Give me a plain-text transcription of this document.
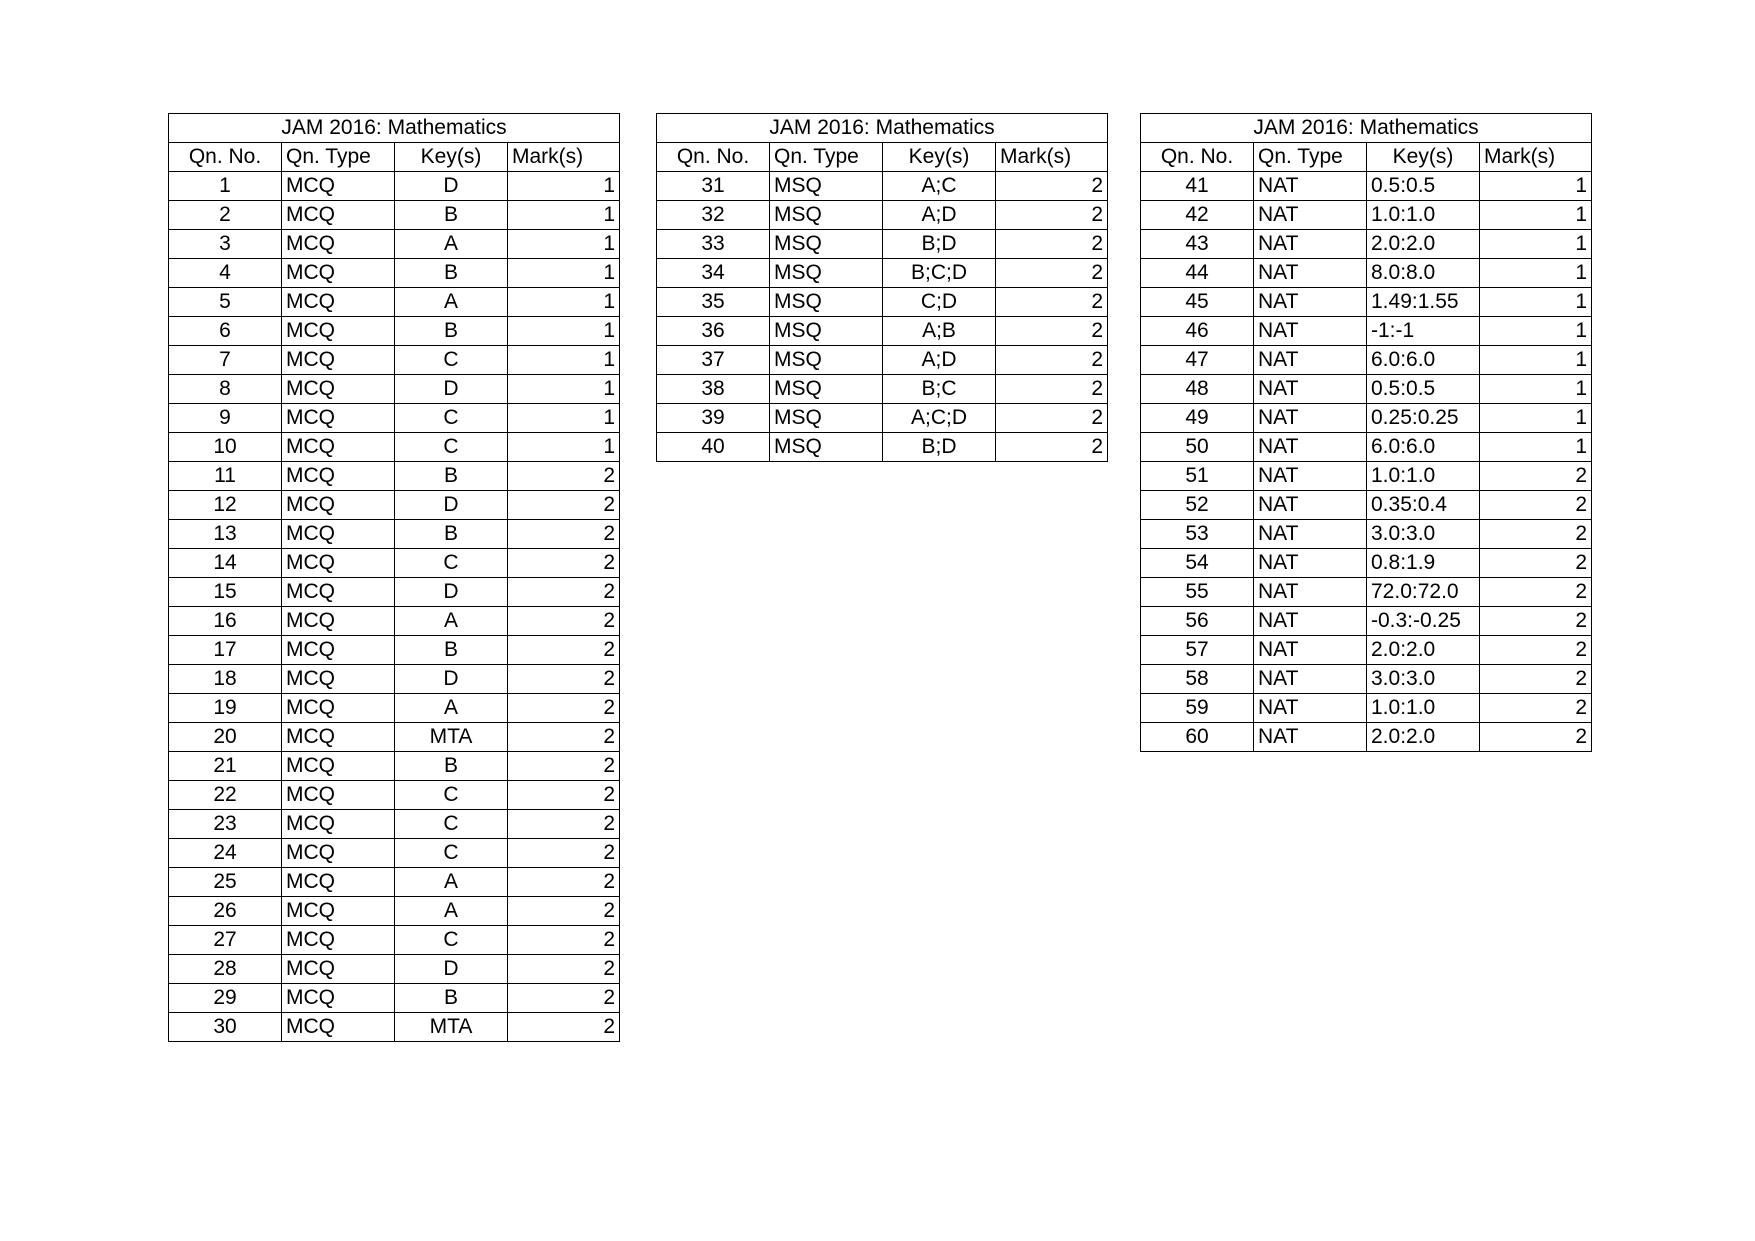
JAM 2016: Mathematics			
Qn. No.	Qn. Type	Key(s)	Mark(s)
1	MCQ	D	1
2	MCQ	B	1
3	MCQ	A	1
4	MCQ	B	1
5	MCQ	A	1
6	MCQ	B	1
7	MCQ	C	1
8	MCQ	D	1
9	MCQ	C	1
10	MCQ	C	1
11	MCQ	B	2
12	MCQ	D	2
13	MCQ	B	2
14	MCQ	C	2
15	MCQ	D	2
16	MCQ	A	2
17	MCQ	B	2
18	MCQ	D	2
19	MCQ	A	2
20	MCQ	MTA	2
21	MCQ	B	2
22	MCQ	C	2
23	MCQ	C	2
24	MCQ	C	2
25	MCQ	A	2
26	MCQ	A	2
27	MCQ	C	2
28	MCQ	D	2
29	MCQ	B	2
30	MCQ	MTA	2
JAM 2016: Mathematics			
Qn. No.	Qn. Type	Key(s)	Mark(s)
31	MSQ	A;C	2
32	MSQ	A;D	2
33	MSQ	B;D	2
34	MSQ	B;C;D	2
35	MSQ	C;D	2
36	MSQ	A;B	2
37	MSQ	A;D	2
38	MSQ	B;C	2
39	MSQ	A;C;D	2
40	MSQ	B;D	2
JAM 2016: Mathematics			
Qn. No.	Qn. Type	Key(s)	Mark(s)
41	NAT	0.5:0.5	1
42	NAT	1.0:1.0	1
43	NAT	2.0:2.0	1
44	NAT	8.0:8.0	1
45	NAT	1.49:1.55	1
46	NAT	-1:-1	1
47	NAT	6.0:6.0	1
48	NAT	0.5:0.5	1
49	NAT	0.25:0.25	1
50	NAT	6.0:6.0	1
51	NAT	1.0:1.0	2
52	NAT	0.35:0.4	2
53	NAT	3.0:3.0	2
54	NAT	0.8:1.9	2
55	NAT	72.0:72.0	2
56	NAT	-0.3:-0.25	2
57	NAT	2.0:2.0	2
58	NAT	3.0:3.0	2
59	NAT	1.0:1.0	2
60	NAT	2.0:2.0	2
